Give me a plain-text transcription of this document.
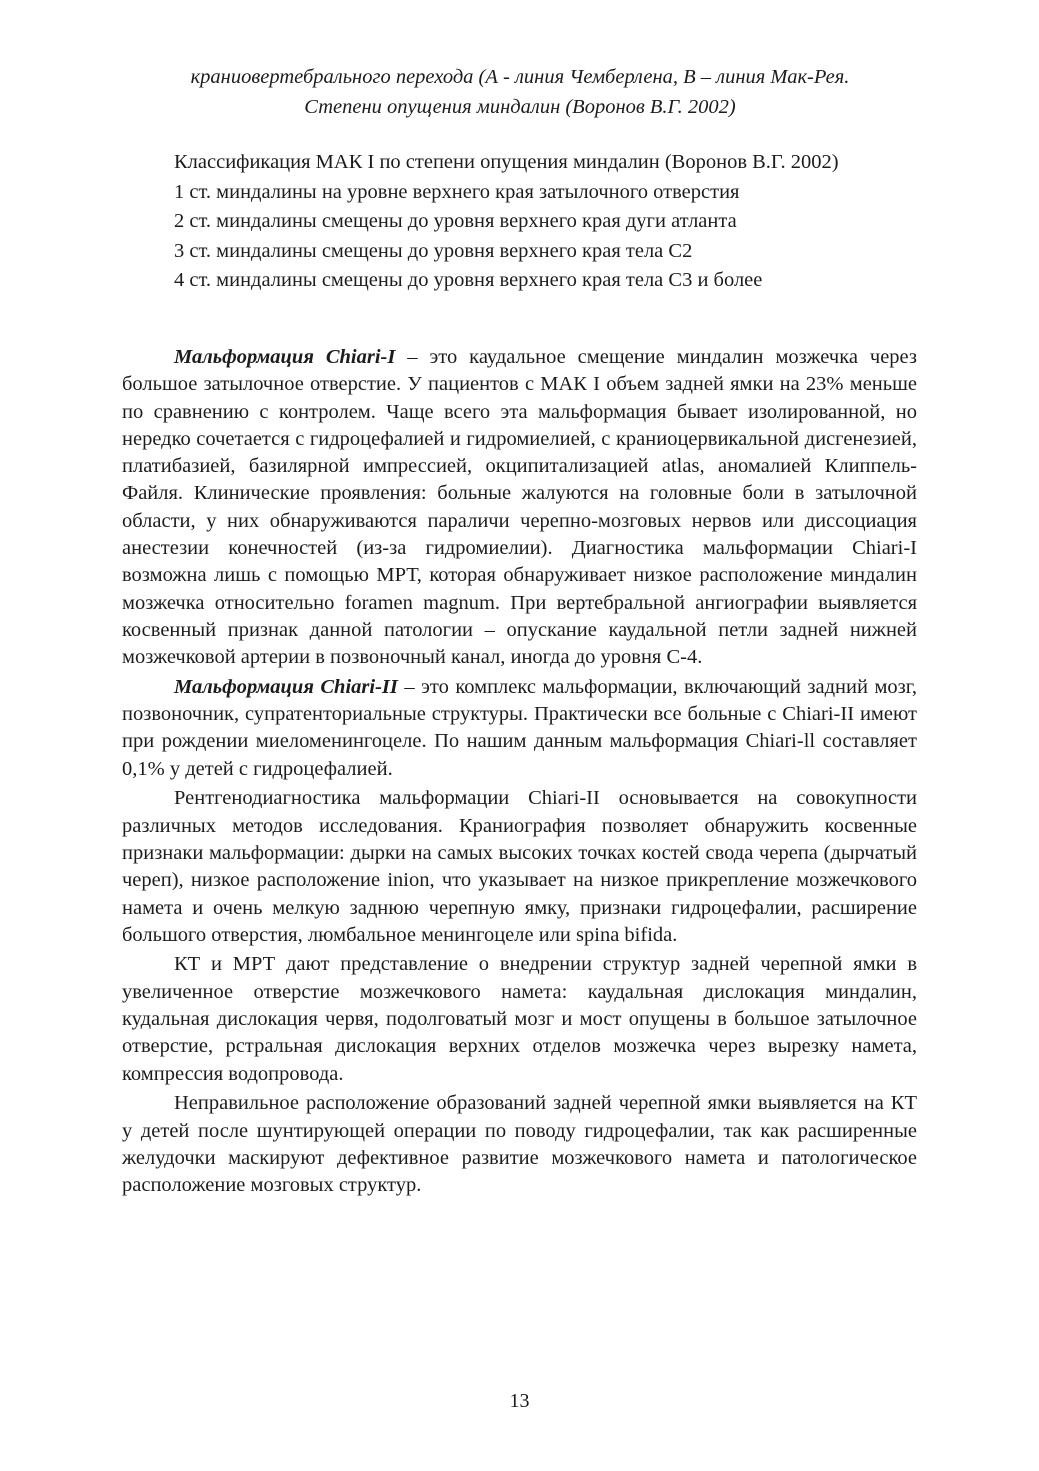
краниовертебрального перехода (А - линия Чемберлена, В – линия Мак-Рея.
Степени опущения миндалин (Воронов В.Г. 2002)
Классификация МАК I по степени опущения миндалин (Воронов В.Г. 2002)
1 ст. миндалины на уровне верхнего края затылочного отверстия
2 ст. миндалины смещены до уровня верхнего края дуги атланта
3 ст. миндалины смещены до уровня верхнего края тела С2
4 ст. миндалины смещены до уровня верхнего края тела С3 и более

Мальформация Chiari-I – это каудальное смещение миндалин мозжечка через большое затылочное отверстие. У пациентов с МАК I объем задней ямки на 23% меньше по сравнению с контролем. Чаще всего эта мальформация бывает изолированной, но нередко сочетается с гидроцефалией и гидромиелией, с краниоцервикальной дисгенезией, платибазией, базилярной импрессией, окципитализацией atlas, аномалией Клиппель-Файля. Клинические проявления: больные жалуются на головные боли в затылочной области, у них обнаруживаются параличи черепно-мозговых нервов или диссоциация анестезии конечностей (из-за гидромиелии). Диагностика мальформации Chiari-I возможна лишь с помощью МРТ, которая обнаруживает низкое расположение миндалин мозжечка относительно foramen magnum. При вертебральной ангиографии выявляется косвенный признак данной патологии – опускание каудальной петли задней нижней мозжечковой артерии в позвоночный канал, иногда до уровня С-4.

Мальформация Chiari-II – это комплекс мальформации, включающий задний мозг, позвоночник, супратенториальные структуры. Практически все больные с Chiari-II имеют при рождении миеломенингоцеле. По нашим данным мальформация Chiari-ll составляет 0,1% у детей с гидроцефалией.

Рентгенодиагностика мальформации Chiari-II основывается на совокупности различных методов исследования. Краниография позволяет обнаружить косвенные признаки мальформации: дырки на самых высоких точках костей свода черепа (дырчатый череп), низкое расположение inion, что указывает на низкое прикрепление мозжечкового намета и очень мелкую заднюю черепную ямку, признаки гидроцефалии, расширение большого отверстия, люмбальное менингоцеле или spina bifida.

КТ и МРТ дают представление о внедрении структур задней черепной ямки в увеличенное отверстие мозжечкового намета: каудальная дислокация миндалин, кудальная дислокация червя, подолговатый мозг и мост опущены в большое затылочное отверстие, рстральная дислокация верхних отделов мозжечка через вырезку намета, компрессия водопровода.

Неправильное расположение образований задней черепной ямки выявляется на КТ у детей после шунтирующей операции по поводу гидроцефалии, так как расширенные желудочки маскируют дефективное развитие мозжечкового намета и патологическое расположение мозговых структур.

13
